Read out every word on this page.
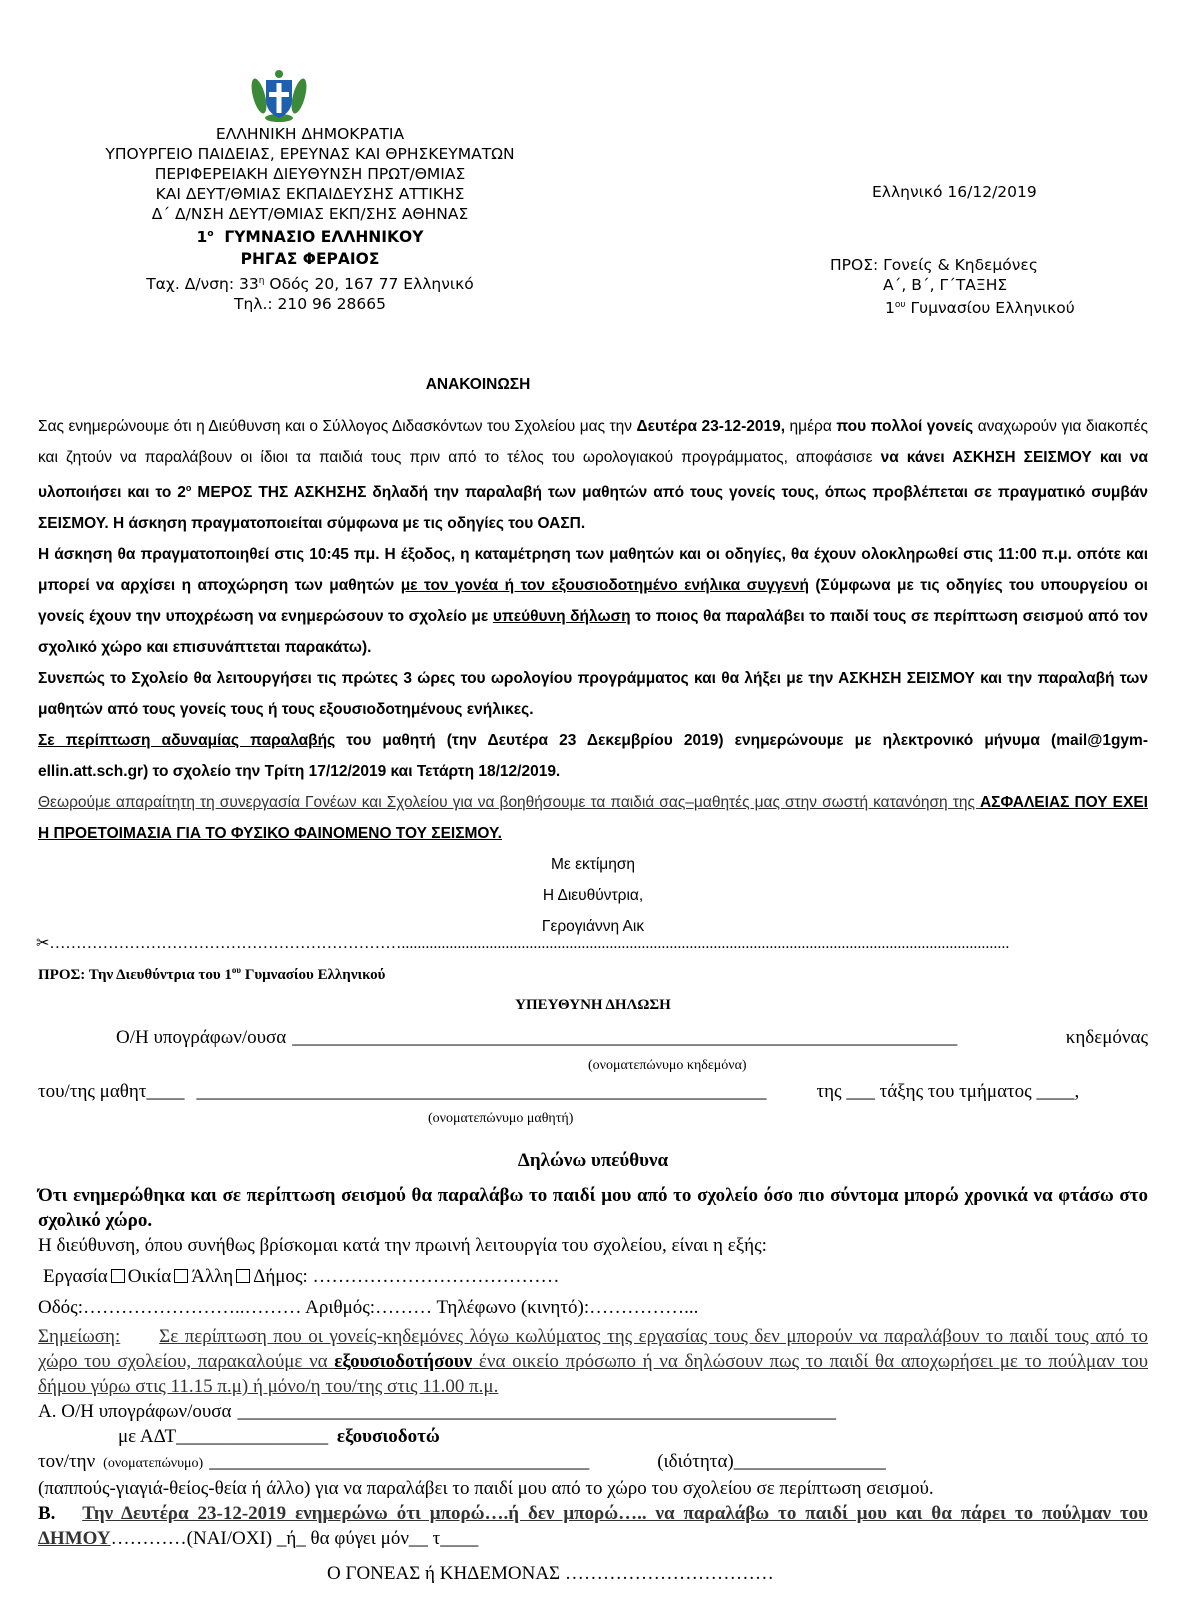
ΕΛΛΗΝΙΚΗ ΔΗΜΟΚΡΑΤΙΑ
ΥΠΟΥΡΓΕΙΟ ΠΑΙΔΕΙΑΣ, ΕΡΕΥΝΑΣ ΚΑΙ ΘΡΗΣΚΕΥΜΑΤΩΝ
ΠΕΡΙΦΕΡΕΙΑΚΗ ΔΙΕΥΘΥΝΣΗ ΠΡΩΤ/ΘΜΙΑΣ
ΚΑΙ ΔΕΥΤ/ΘΜΙΑΣ ΕΚΠΑΙΔΕΥΣΗΣ ΑΤΤΙΚΗΣ
Δ΄ Δ/ΝΣΗ ΔΕΥΤ/ΘΜΙΑΣ ΕΚΠ/ΣΗΣ ΑΘΗΝΑΣ
$1^o$ ΓΥΜΝΑΣΙΟ ΕΛΛΗΝΙΚΟΥ
ΡΗΓΑΣ ΦΕΡΑΙΟΣ
Ταχ. Δ/νση: $33^\eta$ Οδός 20, 167 77 Ελληνικό
Τηλ.: 210 96 28665
Ελληνικό 16/12/2019
ΠΡΟΣ: Γονείς & Κηδεμόνες
Α΄, Β΄, Γ΄ΤΑΞΗΣ
$1^{o\upsilon}$ Γυμνασίου Ελληνικού
ΑΝΑΚΟΙΝΩΣΗ

Σας ενημερώνουμε ότι η Διεύθυνση και ο Σύλλογος Διδασκόντων του Σχολείου μας την Δευτέρα 23-12-2019, ημέρα που πολλοί γονείς αναχωρούν για διακοπές και ζητούν να παραλάβουν οι ίδιοι τα παιδιά τους πριν από το τέλος του ωρολογιακού προγράμματος, αποφάσισε να κάνει ΑΣΚΗΣΗ ΣΕΙΣΜΟΥ και να υλοποιήσει και το $2^o$ ΜΕΡΟΣ ΤΗΣ ΑΣΚΗΣΗΣ δηλαδή την παραλαβή των μαθητών από τους γονείς τους, όπως προβλέπεται σε πραγματικό συμβάν ΣΕΙΣΜΟΥ. Η άσκηση πραγματοποιείται σύμφωνα με τις οδηγίες του ΟΑΣΠ.

Η άσκηση θα πραγματοποιηθεί στις 10:45 πμ. Η έξοδος, η καταμέτρηση των μαθητών και οι οδηγίες, θα έχουν ολοκληρωθεί στις 11:00 π.μ. οπότε και μπορεί να αρχίσει η αποχώρηση των μαθητών με τον γονέα ή τον εξουσιοδοτημένο ενήλικα συγγενή (Σύμφωνα με τις οδηγίες του υπουργείου οι γονείς έχουν την υποχρέωση να ενημερώσουν το σχολείο με υπεύθυνη δήλωση το ποιος θα παραλάβει το παιδί τους σε περίπτωση σεισμού από τον σχολικό χώρο και επισυνάπτεται παρακάτω).

Συνεπώς το Σχολείο θα λειτουργήσει τις πρώτες 3 ώρες του ωρολογίου προγράμματος και θα λήξει με την ΑΣΚΗΣΗ ΣΕΙΣΜΟΥ και την παραλαβή των μαθητών από τους γονείς τους ή τους εξουσιοδοτημένους ενήλικες.

Σε περίπτωση αδυναμίας παραλαβής του μαθητή (την Δευτέρα 23 Δεκεμβρίου 2019) ενημερώνουμε με ηλεκτρονικό μήνυμα (mail@1gym-ellin.att.sch.gr) το σχολείο την Τρίτη 17/12/2019 και Τετάρτη 18/12/2019.

Θεωρούμε απαραίτητη τη συνεργασία Γονέων και Σχολείου για να βοηθήσουμε τα παιδιά σας–μαθητές μας στην σωστή κατανόηση της ΑΣΦΑΛΕΙΑΣ ΠΟΥ ΕΧΕΙ Η ΠΡΟΕΤΟΙΜΑΣΙΑ ΓΙΑ ΤΟ ΦΥΣΙΚΟ ΦΑΙΝΟΜΕΝΟ ΤΟΥ ΣΕΙΣΜΟΥ.

Με εκτίμηση

Η Διευθύντρια,

Γερογιάννη Αικ

✂…………………………………………………………........................................................................................................................................................
ΠΡΟΣ: Την Διευθύντρια του $1^{o\upsilon}$ Γυμνασίου Ελληνικού
ΥΠΕΥΘΥΝΗ ΔΗΛΩΣΗ
Ο/Η υπογράφων/ουσα ______________________________________________________________________	κηδεμόνας
(ονοματεπώνυμο κηδεμόνα)
του/της μαθητ____ ____________________________________________________________	της ___ τάξης του τμήματος ____,
(ονοματεπώνυμο μαθητή)
Δηλώνω υπεύθυνα
Ότι ενημερώθηκα και σε περίπτωση σεισμού θα παραλάβω το παιδί μου από το σχολείο όσο πιο σύντομα μπορώ χρονικά να φτάσω στο σχολικό χώρο.
Η διεύθυνση, όπου συνήθως βρίσκομαι κατά την πρωινή λειτουργία του σχολείου, είναι η εξής:
Εργασία Οικία Άλλη Δήμος: …………………………………
Οδός:……………………..……… Αριθμός:……… Τηλέφωνο (κινητό):……………...
Σημείωση: Σε περίπτωση που οι γονείς-κηδεμόνες λόγω κωλύματος της εργασίας τους δεν μπορούν να παραλάβουν το παιδί τους από το χώρο του σχολείου, παρακαλούμε να εξουσιοδοτήσουν ένα οικείο πρόσωπο ή να δηλώσουν πως το παιδί θα αποχωρήσει με το πούλμαν του δήμου γύρω στις 11.15 π.μ) ή μόνο/η του/της στις 11.00 π.μ.
Α. Ο/Η υπογράφων/ουσα _______________________________________________________________
με ΑΔΤ________________ εξουσιοδοτώ
τον/την (ονοματεπώνυμο) ________________________________________	(ιδιότητα)________________
(παππούς-γιαγιά-θείος-θεία ή άλλο) για να παραλάβει το παιδί μου από το χώρο του σχολείου σε περίπτωση σεισμού.
Β. Την Δευτέρα 23-12-2019 ενημερώνω ότι μπορώ….ή δεν μπορώ….. να παραλάβω το παιδί μου και θα πάρει το πούλμαν του ΔΗΜΟΥ…………(ΝΑΙ/ΟΧΙ) _ή_ θα φύγει μόν__ τ____
Ο ΓΟΝΕΑΣ ή ΚΗΔΕΜΟΝΑΣ ……………………………
